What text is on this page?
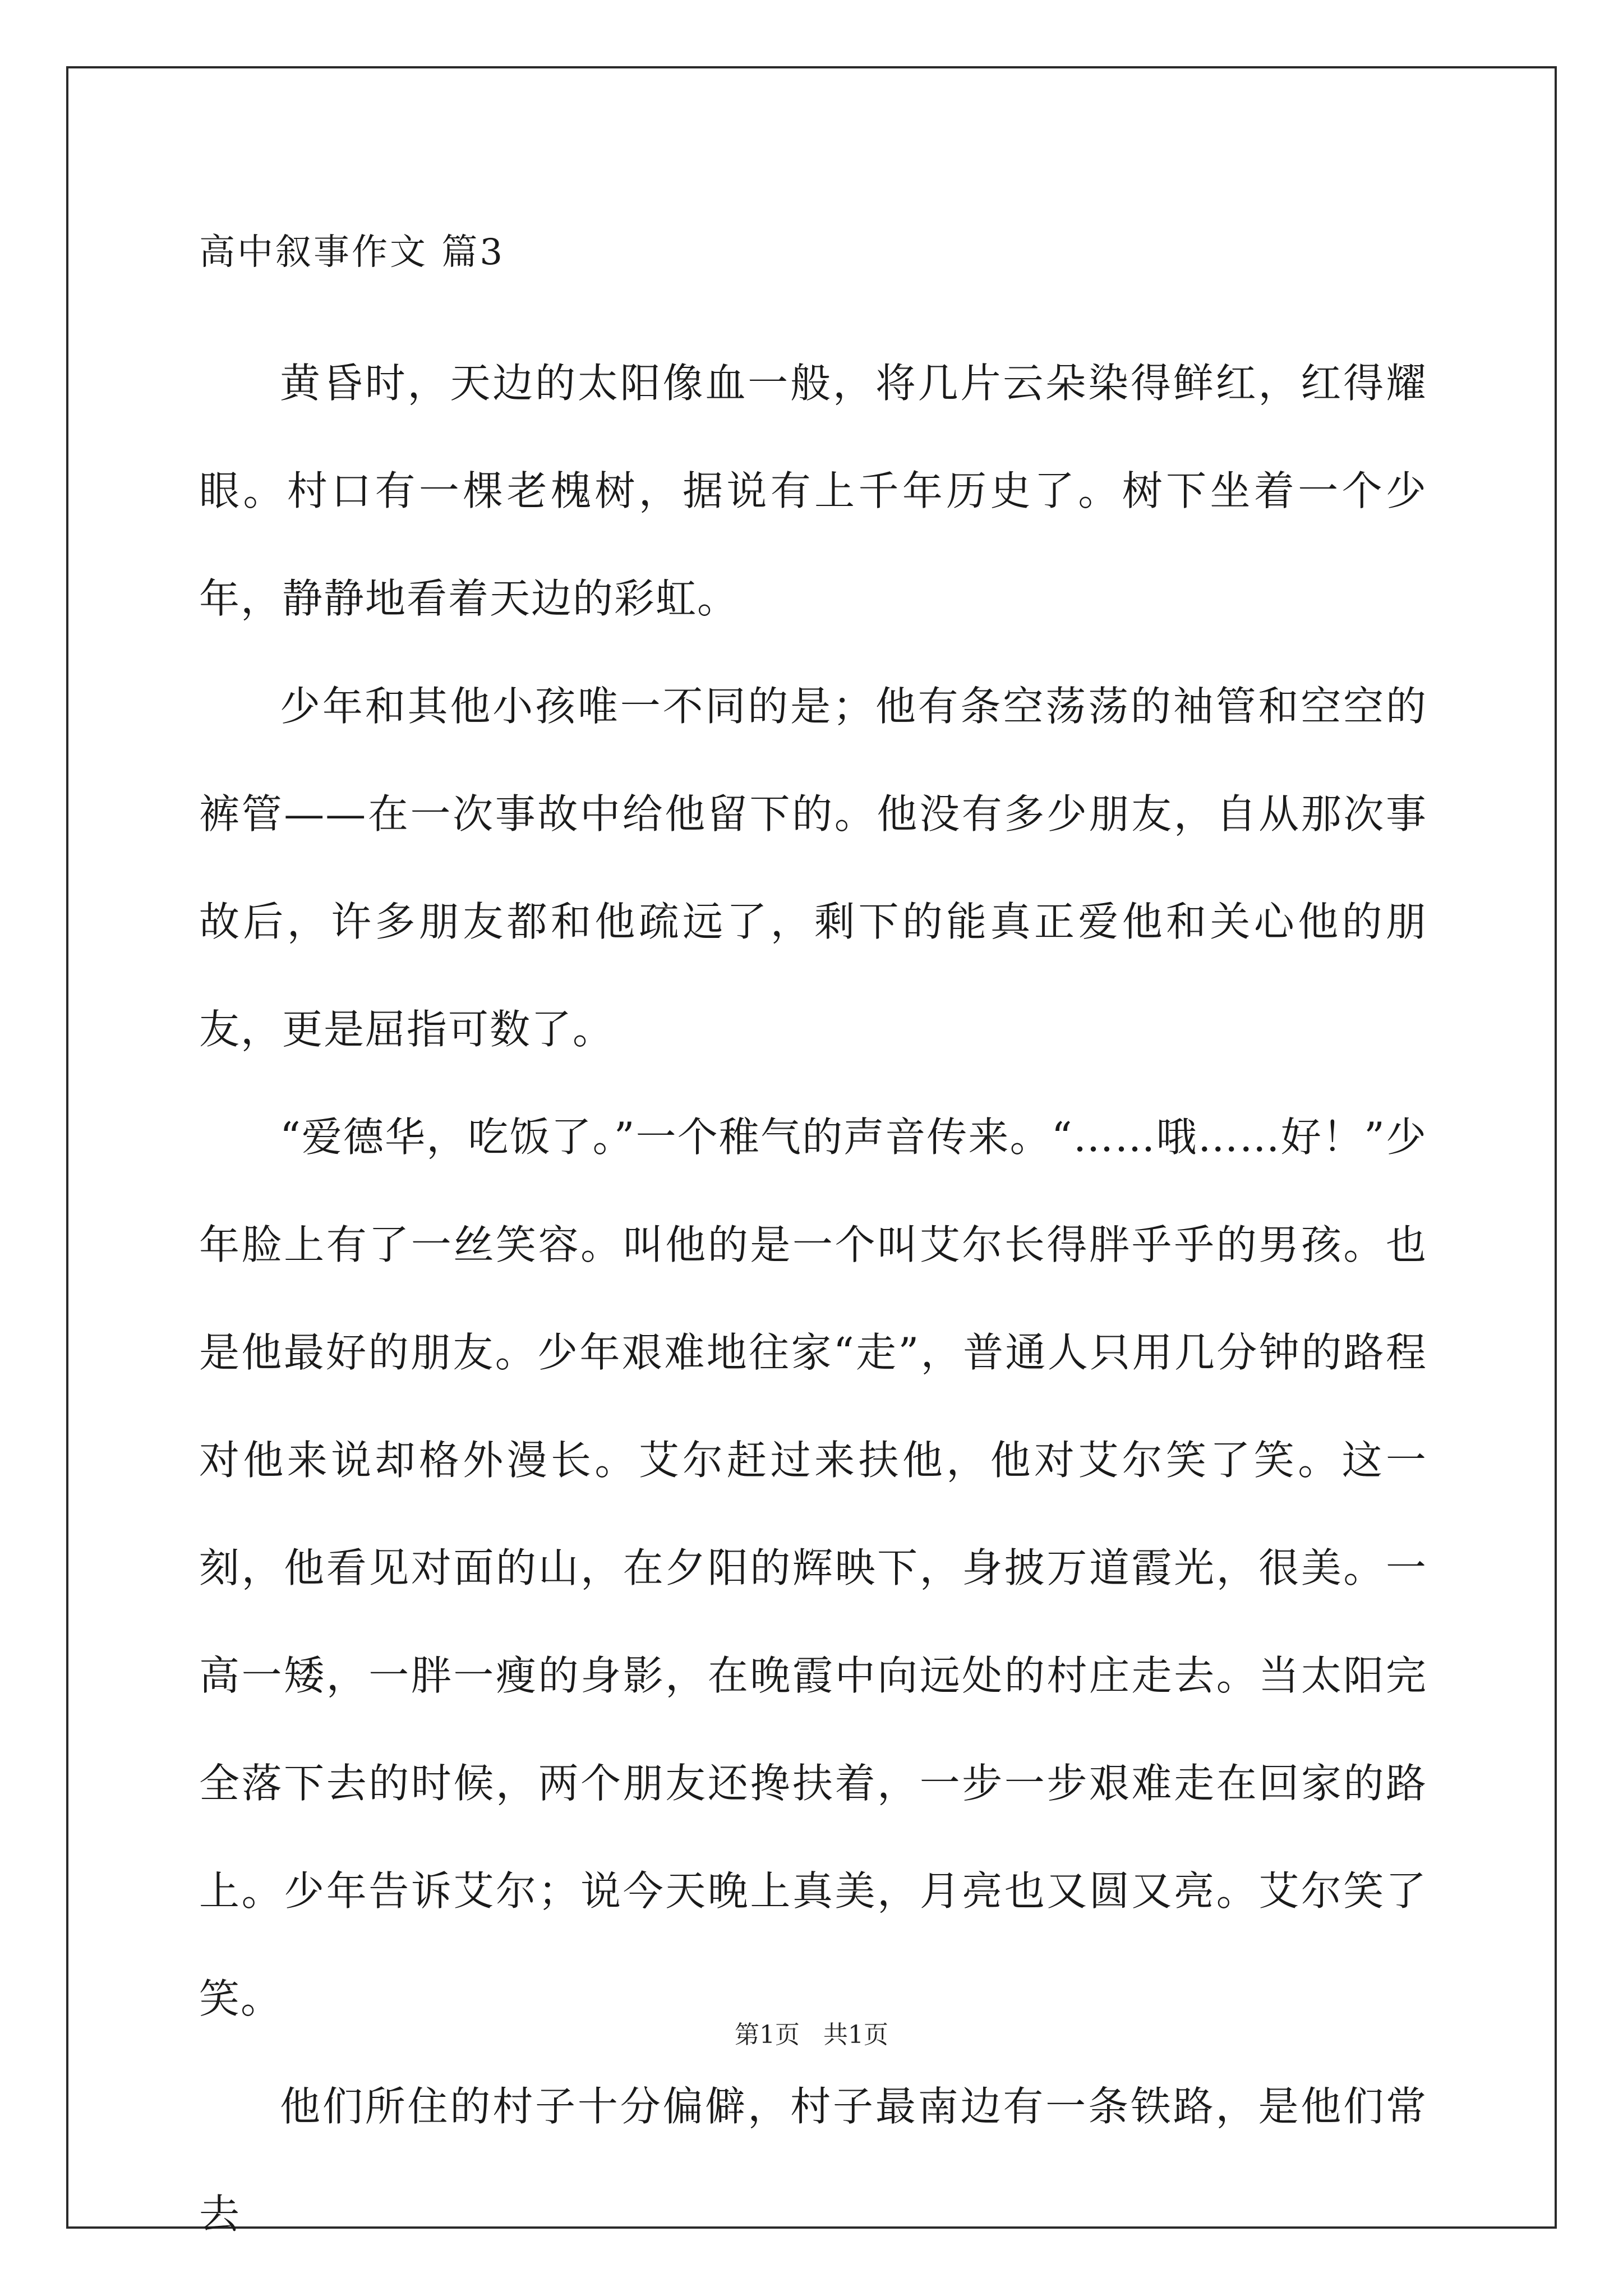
高中叙事作文 篇3

黄昏时，天边的太阳像血一般，将几片云朵染得鲜红，红得耀眼。村口有一棵老槐树，据说有上千年历史了。树下坐着一个少年，静静地看着天边的彩虹。

少年和其他小孩唯一不同的是；他有条空荡荡的袖管和空空的裤管——在一次事故中给他留下的。他没有多少朋友，自从那次事故后，许多朋友都和他疏远了，剩下的能真正爱他和关心他的朋友，更是屈指可数了。

“爱德华，吃饭了。”一个稚气的声音传来。“……哦……好！”少年脸上有了一丝笑容。叫他的是一个叫艾尔长得胖乎乎的男孩。也是他最好的朋友。少年艰难地往家“走”，普通人只用几分钟的路程对他来说却格外漫长。艾尔赶过来扶他，他对艾尔笑了笑。这一刻，他看见对面的山，在夕阳的辉映下，身披万道霞光，很美。一高一矮，一胖一瘦的身影，在晚霞中向远处的村庄走去。当太阳完全落下去的时候，两个朋友还搀扶着，一步一步艰难走在回家的路上。少年告诉艾尔；说今天晚上真美，月亮也又圆又亮。艾尔笑了笑。

他们所住的村子十分偏僻，村子最南边有一条铁路，是他们常去

第1页   共1页
